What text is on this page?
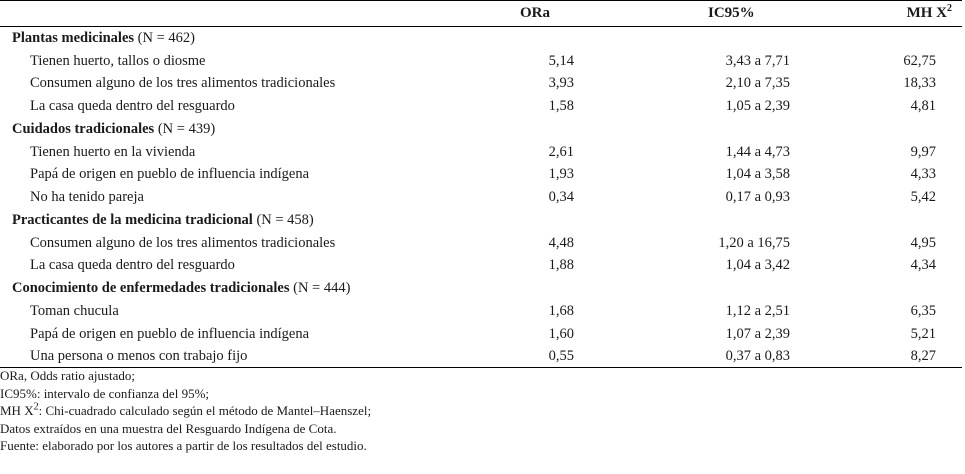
	ORa	IC95%	MH $X^2$
Plantas medicinales (N = 462)			
Tienen huerto, tallos o diosme	5,14	3,43 a 7,71	62,75
Consumen alguno de los tres alimentos tradicionales	3,93	2,10 a 7,35	18,33
La casa queda dentro del resguardo	1,58	1,05 a 2,39	4,81
Cuidados tradicionales (N = 439)			
Tienen huerto en la vivienda	2,61	1,44 a 4,73	9,97
Papá de origen en pueblo de influencia indígena	1,93	1,04 a 3,58	4,33
No ha tenido pareja	0,34	0,17 a 0,93	5,42
Practicantes de la medicina tradicional (N = 458)			
Consumen alguno de los tres alimentos tradicionales	4,48	1,20 a 16,75	4,95
La casa queda dentro del resguardo	1,88	1,04 a 3,42	4,34
Conocimiento de enfermedades tradicionales (N = 444)			
Toman chucula	1,68	1,12 a 2,51	6,35
Papá de origen en pueblo de influencia indígena	1,60	1,07 a 2,39	5,21
Una persona o menos con trabajo fijo	0,55	0,37 a 0,83	8,27
ORa, Odds ratio ajustado;
IC95%: intervalo de confianza del 95%;
MH $X^2$: Chi-cuadrado calculado según el método de Mantel–Haenszel;
Datos extraídos en una muestra del Resguardo Indígena de Cota.
Fuente: elaborado por los autores a partir de los resultados del estudio.
